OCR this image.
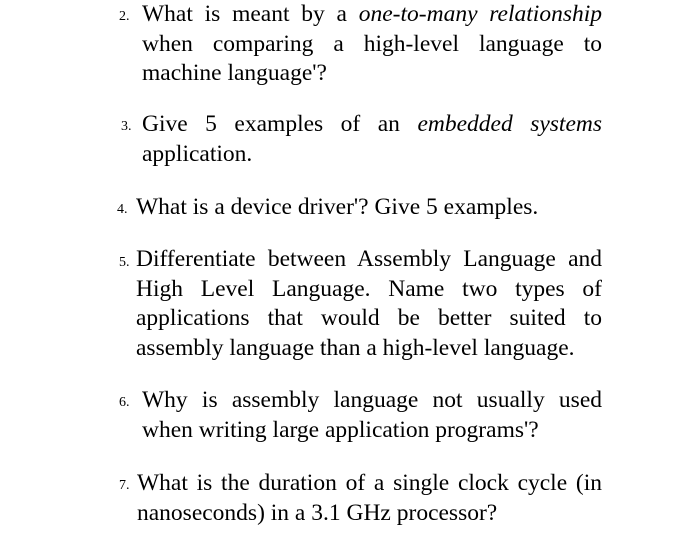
2. What is meant by a one-to-many relationship when comparing a high-level language to machine language'?
3. Give 5 examples of an embedded systems application.
4. What is a device driver'? Give 5 examples.
5. Differentiate between Assembly Language and High Level Language. Name two types of applications that would be better suited to assembly language than a high-level language.
6. Why is assembly language not usually used when writing large application programs'?
7. What is the duration of a single clock cycle (in nanoseconds) in a 3.1 GHz processor?
